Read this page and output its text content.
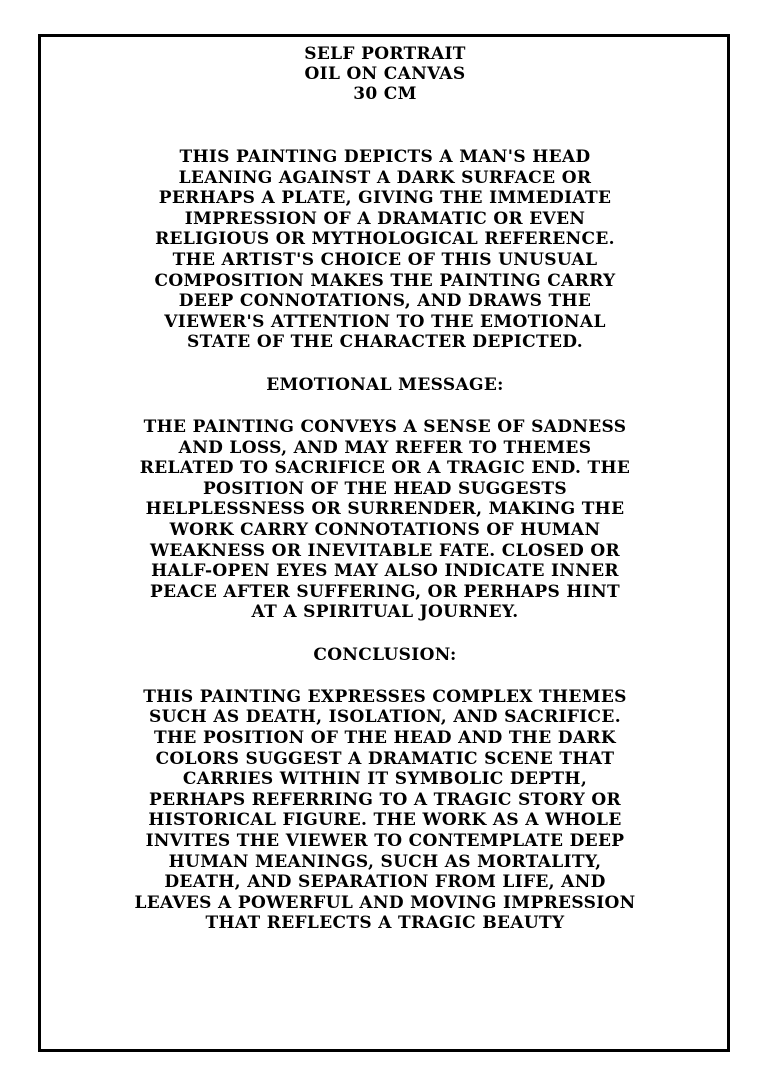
SELF PORTRAIT
OIL ON CANVAS
30 CM
THIS PAINTING DEPICTS A MAN'S HEAD
LEANING AGAINST A DARK SURFACE OR
PERHAPS A PLATE, GIVING THE IMMEDIATE
IMPRESSION OF A DRAMATIC OR EVEN
RELIGIOUS OR MYTHOLOGICAL REFERENCE.
THE ARTIST'S CHOICE OF THIS UNUSUAL
COMPOSITION MAKES THE PAINTING CARRY
DEEP CONNOTATIONS, AND DRAWS THE
VIEWER'S ATTENTION TO THE EMOTIONAL
STATE OF THE CHARACTER DEPICTED.
EMOTIONAL MESSAGE:
THE PAINTING CONVEYS A SENSE OF SADNESS
AND LOSS, AND MAY REFER TO THEMES
RELATED TO SACRIFICE OR A TRAGIC END. THE
POSITION OF THE HEAD SUGGESTS
HELPLESSNESS OR SURRENDER, MAKING THE
WORK CARRY CONNOTATIONS OF HUMAN
WEAKNESS OR INEVITABLE FATE. CLOSED OR
HALF-OPEN EYES MAY ALSO INDICATE INNER
PEACE AFTER SUFFERING, OR PERHAPS HINT
AT A SPIRITUAL JOURNEY.
CONCLUSION:
THIS PAINTING EXPRESSES COMPLEX THEMES
SUCH AS DEATH, ISOLATION, AND SACRIFICE.
THE POSITION OF THE HEAD AND THE DARK
COLORS SUGGEST A DRAMATIC SCENE THAT
CARRIES WITHIN IT SYMBOLIC DEPTH,
PERHAPS REFERRING TO A TRAGIC STORY OR
HISTORICAL FIGURE. THE WORK AS A WHOLE
INVITES THE VIEWER TO CONTEMPLATE DEEP
HUMAN MEANINGS, SUCH AS MORTALITY,
DEATH, AND SEPARATION FROM LIFE, AND
LEAVES A POWERFUL AND MOVING IMPRESSION
THAT REFLECTS A TRAGIC BEAUTY
